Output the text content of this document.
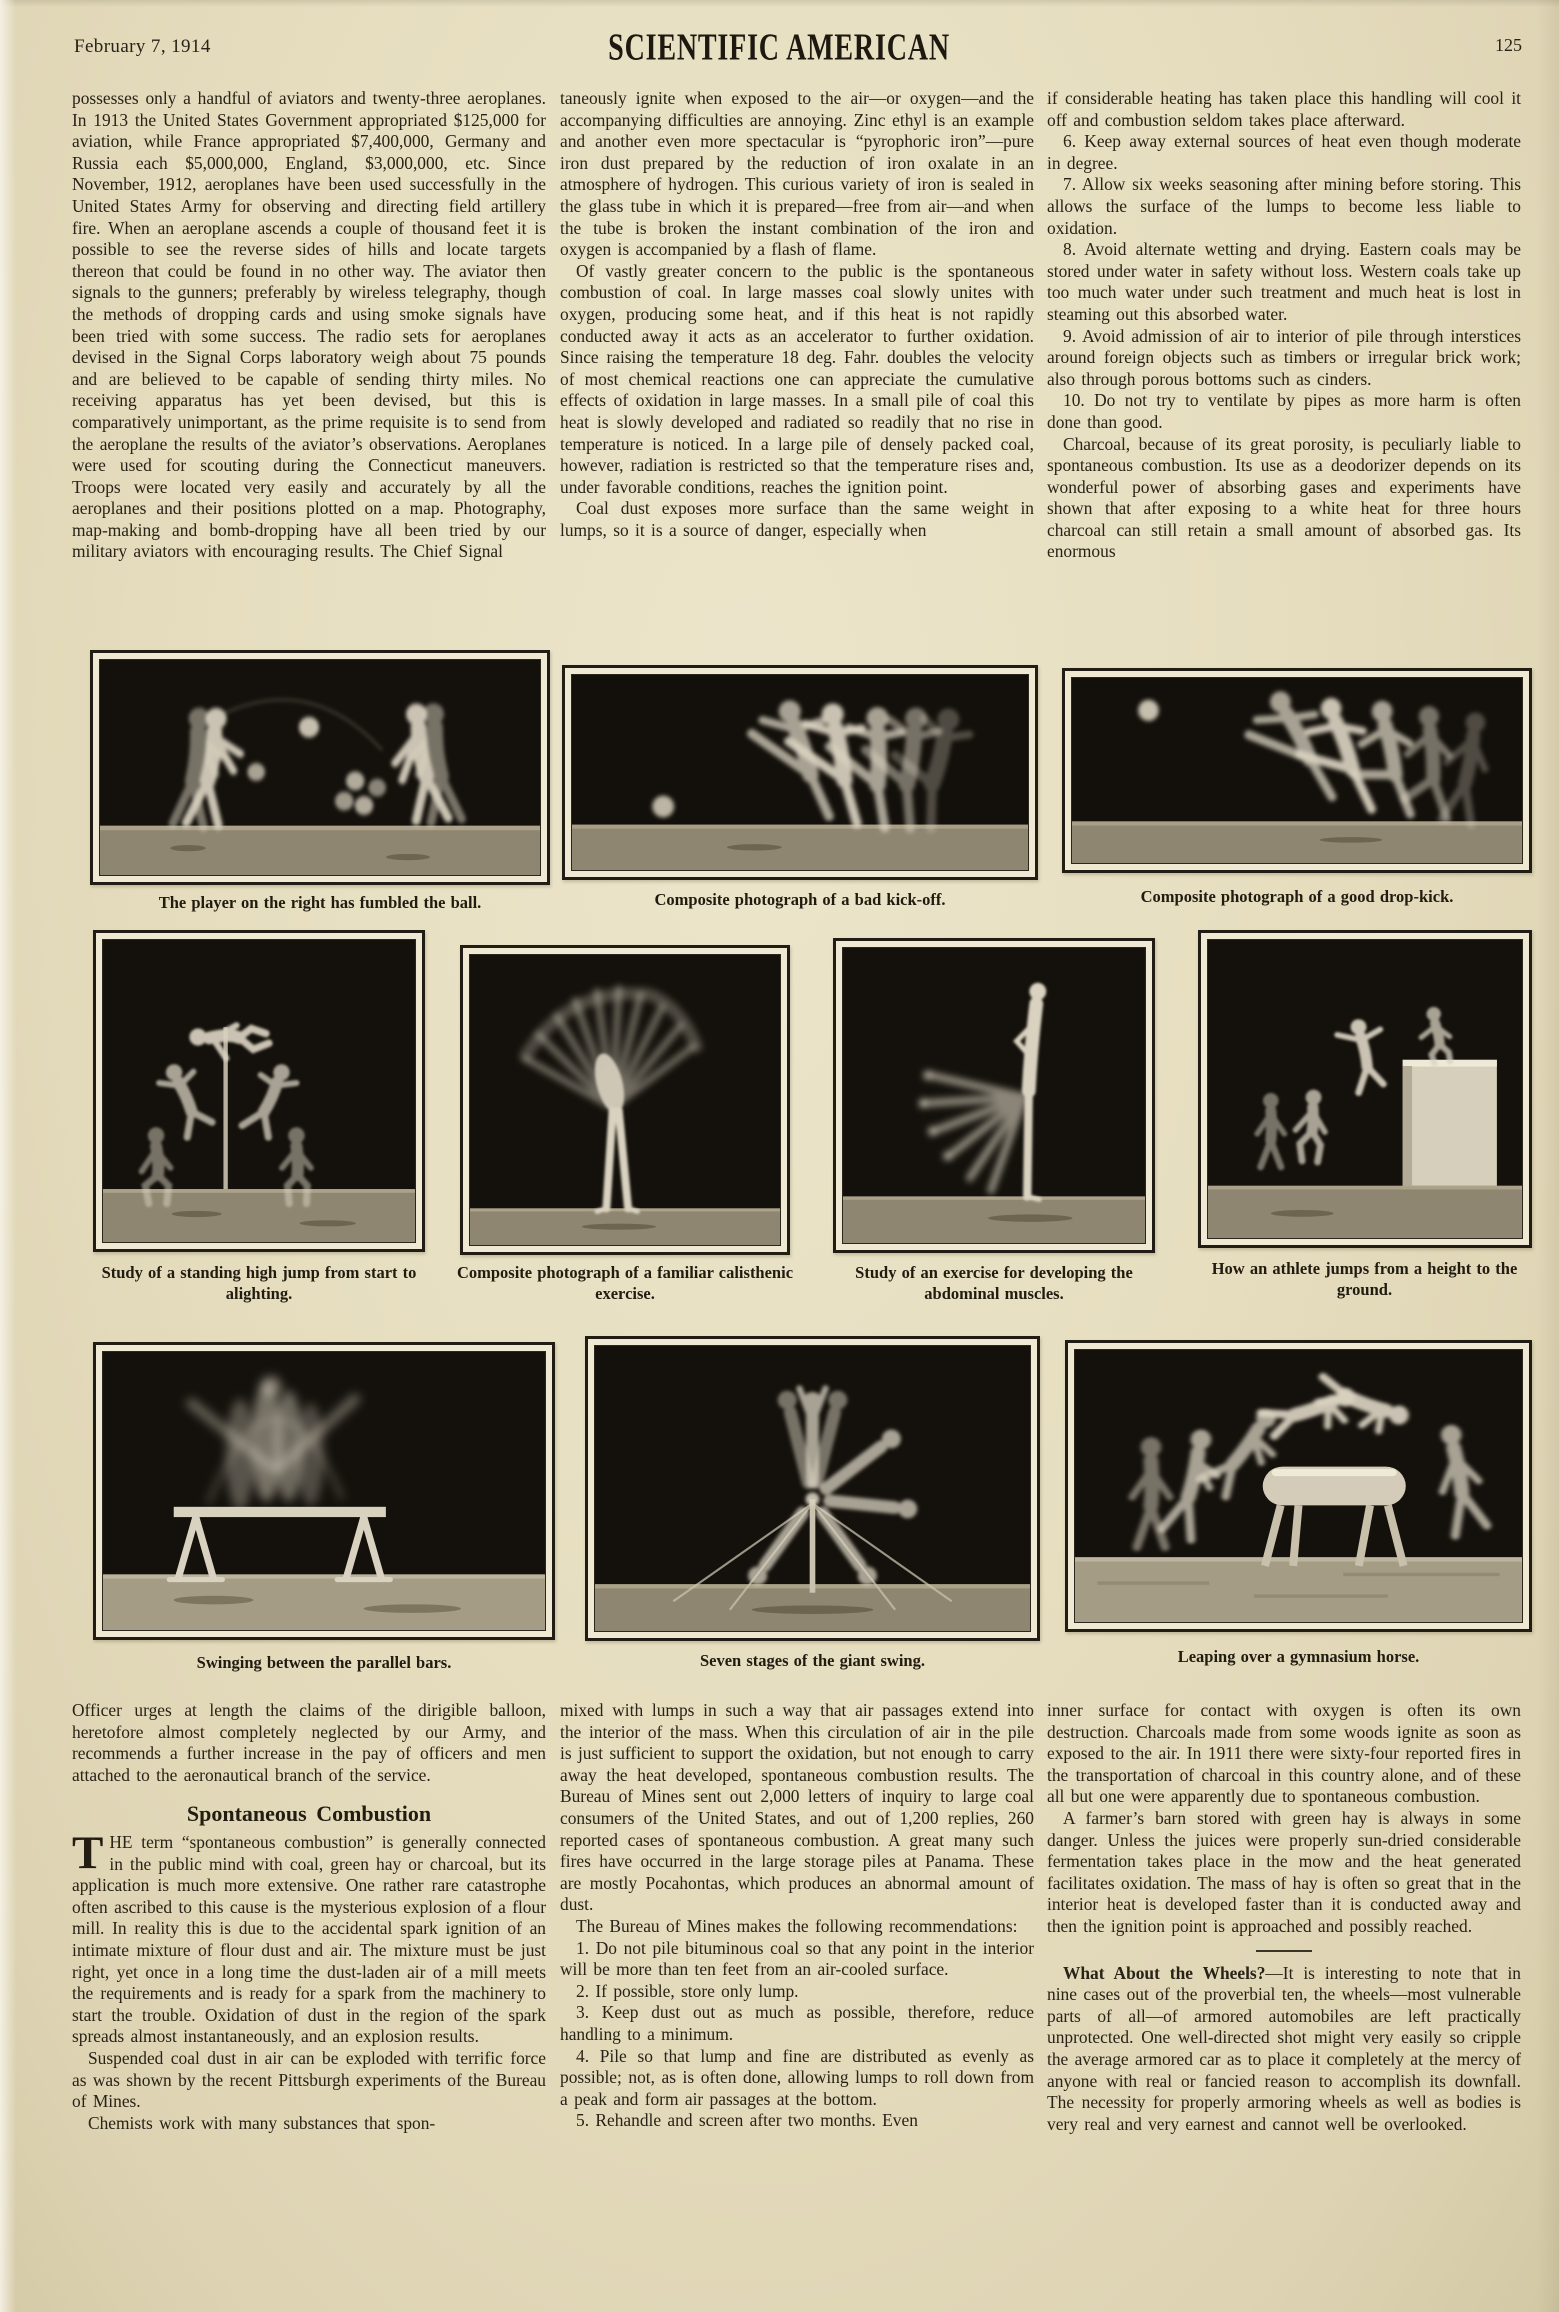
February 7, 1914	SCIENTIFIC AMERICAN	125

possesses only a handful of aviators and twenty-three aeroplanes. In 1913 the United States Government appropriated $125,000 for aviation, while France appropriated $7,400,000, Germany and Russia each $5,000,000, England, $3,000,000, etc. Since November, 1912, aeroplanes have been used successfully in the United States Army for observing and directing field artillery fire. When an aeroplane ascends a couple of thousand feet it is possible to see the reverse sides of hills and locate targets thereon that could be found in no other way. The aviator then signals to the gunners; preferably by wireless telegraphy, though the methods of dropping cards and using smoke signals have been tried with some success. The radio sets for aeroplanes devised in the Signal Corps laboratory weigh about 75 pounds and are believed to be capable of sending thirty miles. No receiving apparatus has yet been devised, but this is comparatively unimportant, as the prime requisite is to send from the aeroplane the results of the aviator’s observations. Aeroplanes were used for scouting during the Connecticut maneuvers. Troops were located very easily and accurately by all the aeroplanes and their positions plotted on a map. Photography, map-making and bomb-dropping have all been tried by our military aviators with encouraging results. The Chief Signal

taneously ignite when exposed to the air—or oxygen—and the accompanying difficulties are annoying. Zinc ethyl is an example and another even more spectacular is “pyrophoric iron”—pure iron dust prepared by the reduction of iron oxalate in an atmosphere of hydrogen. This curious variety of iron is sealed in the glass tube in which it is prepared—free from air—and when the tube is broken the instant combination of the iron and oxygen is accompanied by a flash of flame.

Of vastly greater concern to the public is the spontaneous combustion of coal. In large masses coal slowly unites with oxygen, producing some heat, and if this heat is not rapidly conducted away it acts as an accelerator to further oxidation. Since raising the temperature 18 deg. Fahr. doubles the velocity of most chemical reactions one can appreciate the cumulative effects of oxidation in large masses. In a small pile of coal this heat is slowly developed and radiated so readily that no rise in temperature is noticed. In a large pile of densely packed coal, however, radiation is restricted so that the temperature rises and, under favorable conditions, reaches the ignition point.

Coal dust exposes more surface than the same weight in lumps, so it is a source of danger, especially when

if considerable heating has taken place this handling will cool it off and combustion seldom takes place afterward.

6. Keep away external sources of heat even though moderate in degree.

7. Allow six weeks seasoning after mining before storing. This allows the surface of the lumps to become less liable to oxidation.

8. Avoid alternate wetting and drying. Eastern coals may be stored under water in safety without loss. Western coals take up too much water under such treatment and much heat is lost in steaming out this absorbed water.

9. Avoid admission of air to interior of pile through interstices around foreign objects such as timbers or irregular brick work; also through porous bottoms such as cinders.

10. Do not try to ventilate by pipes as more harm is often done than good.

Charcoal, because of its great porosity, is peculiarly liable to spontaneous combustion. Its use as a deodorizer depends on its wonderful power of absorbing gases and experiments have shown that after exposing to a white heat for three hours charcoal can still retain a small amount of absorbed gas. Its enormous

The player on the right has fumbled the ball.	Composite photograph of a bad kick-off.	Composite photograph of a good drop-kick.
Study of a standing high jump from start to alighting.
Composite photograph of a familiar calisthenic exercise.
Study of an exercise for developing the abdominal muscles.
How an athlete jumps from a height to the ground.
Swinging between the parallel bars.	Seven stages of the giant swing.	Leaping over a gymnasium horse.

Officer urges at length the claims of the dirigible balloon, heretofore almost completely neglected by our Army, and recommends a further increase in the pay of officers and men attached to the aeronautical branch of the service.

Spontaneous Combustion

THE term “spontaneous combustion” is generally connected in the public mind with coal, green hay or charcoal, but its application is much more extensive. One rather rare catastrophe often ascribed to this cause is the mysterious explosion of a flour mill. In reality this is due to the accidental spark ignition of an intimate mixture of flour dust and air. The mixture must be just right, yet once in a long time the dust-laden air of a mill meets the requirements and is ready for a spark from the machinery to start the trouble. Oxidation of dust in the region of the spark spreads almost instantaneously, and an explosion results.

Suspended coal dust in air can be exploded with terrific force as was shown by the recent Pittsburgh experiments of the Bureau of Mines.

Chemists work with many substances that spon-

mixed with lumps in such a way that air passages extend into the interior of the mass. When this circulation of air in the pile is just sufficient to support the oxidation, but not enough to carry away the heat developed, spontaneous combustion results. The Bureau of Mines sent out 2,000 letters of inquiry to large coal consumers of the United States, and out of 1,200 replies, 260 reported cases of spontaneous combustion. A great many such fires have occurred in the large storage piles at Panama. These are mostly Pocahontas, which produces an abnormal amount of dust.

The Bureau of Mines makes the following recommendations:

1. Do not pile bituminous coal so that any point in the interior will be more than ten feet from an air-cooled surface.

2. If possible, store only lump.

3. Keep dust out as much as possible, therefore, reduce handling to a minimum.

4. Pile so that lump and fine are distributed as evenly as possible; not, as is often done, allowing lumps to roll down from a peak and form air passages at the bottom.

5. Rehandle and screen after two months. Even

inner surface for contact with oxygen is often its own destruction. Charcoals made from some woods ignite as soon as exposed to the air. In 1911 there were sixty-four reported fires in the transportation of charcoal in this country alone, and of these all but one were apparently due to spontaneous combustion.

A farmer’s barn stored with green hay is always in some danger. Unless the juices were properly sun-dried considerable fermentation takes place in the mow and the heat generated facilitates oxidation. The mass of hay is often so great that in the interior heat is developed faster than it is conducted away and then the ignition point is approached and possibly reached.

What About the Wheels?—It is interesting to note that in nine cases out of the proverbial ten, the wheels—most vulnerable parts of all—of armored automobiles are left practically unprotected. One well-directed shot might very easily so cripple the average armored car as to place it completely at the mercy of anyone with real or fancied reason to accomplish its downfall. The necessity for properly armoring wheels as well as bodies is very real and very earnest and cannot well be overlooked.
